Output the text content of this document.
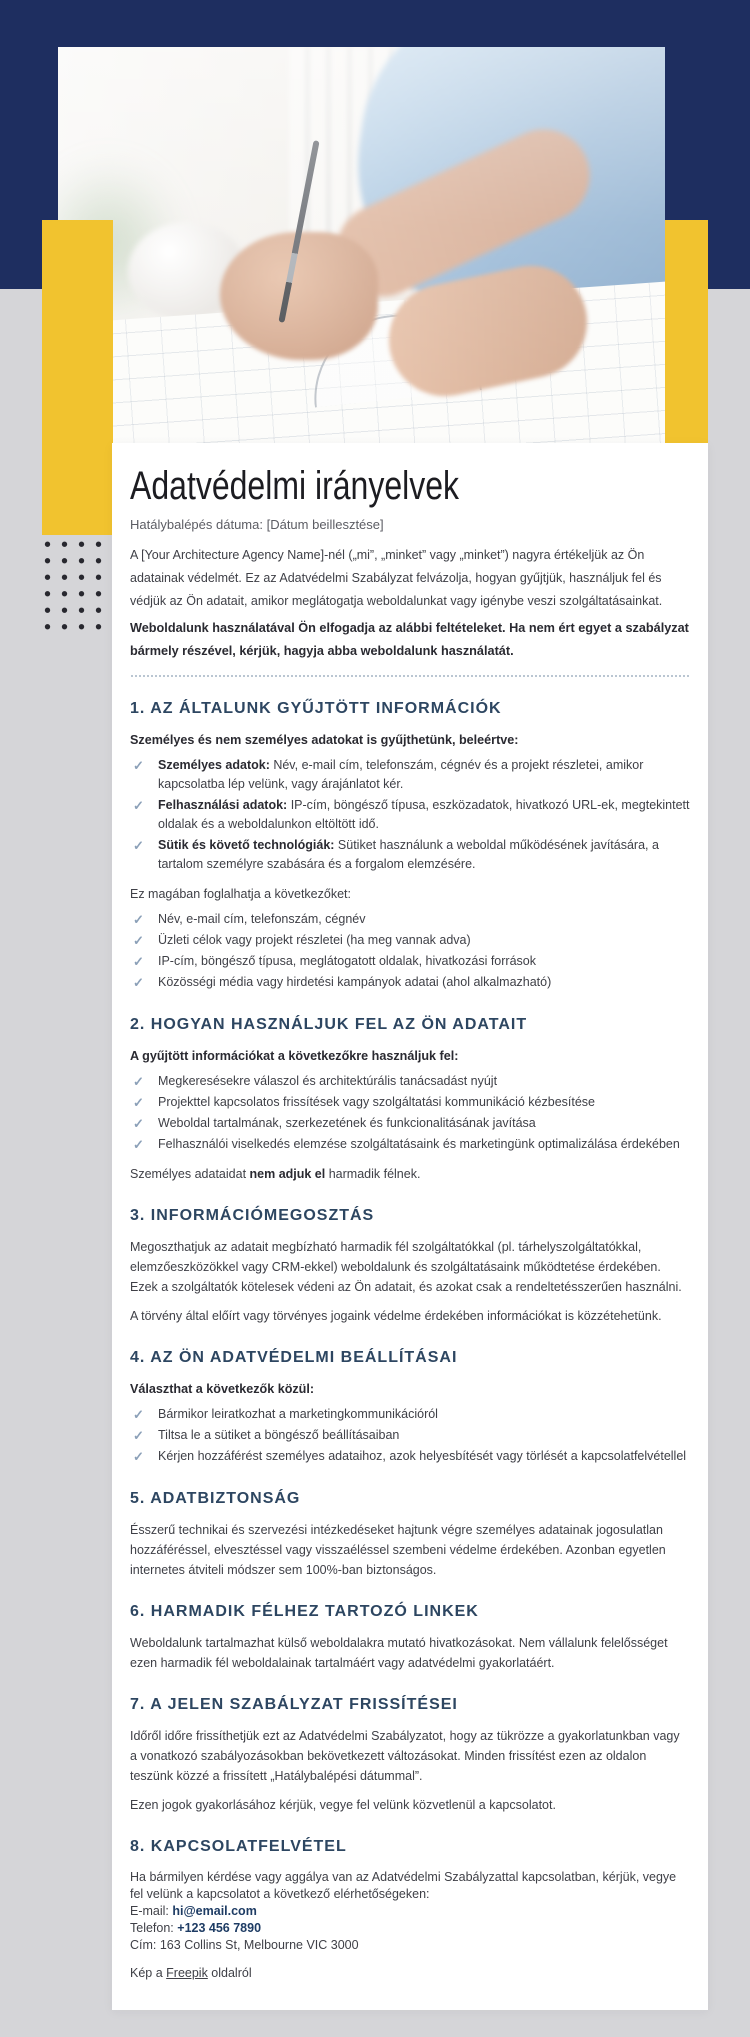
Adatvédelmi irányelvek

Hatálybalépés dátuma: [Dátum beillesztése]

A [Your Architecture Agency Name]-nél („mi”, „minket” vagy „minket”) nagyra értékeljük az Ön adatainak védelmét. Ez az Adatvédelmi Szabályzat felvázolja, hogyan gyűjtjük, használjuk fel és védjük az Ön adatait, amikor meglátogatja weboldalunkat vagy igénybe veszi szolgáltatásainkat.

Weboldalunk használatával Ön elfogadja az alábbi feltételeket. Ha nem ért egyet a szabályzat bármely részével, kérjük, hagyja abba weboldalunk használatát.

1. AZ ÁLTALUNK GYŰJTÖTT INFORMÁCIÓK

Személyes és nem személyes adatokat is gyűjthetünk, beleértve:

✓ Személyes adatok: Név, e-mail cím, telefonszám, cégnév és a projekt részletei, amikor kapcsolatba lép velünk, vagy árajánlatot kér.
✓ Felhasználási adatok: IP-cím, böngésző típusa, eszközadatok, hivatkozó URL-ek, megtekintett oldalak és a weboldalunkon eltöltött idő.
✓ Sütik és követő technológiák: Sütiket használunk a weboldal működésének javítására, a tartalom személyre szabására és a forgalom elemzésére.

Ez magában foglalhatja a következőket:

✓ Név, e-mail cím, telefonszám, cégnév
✓ Üzleti célok vagy projekt részletei (ha meg vannak adva)
✓ IP-cím, böngésző típusa, meglátogatott oldalak, hivatkozási források
✓ Közösségi média vagy hirdetési kampányok adatai (ahol alkalmazható)
2. HOGYAN HASZNÁLJUK FEL AZ ÖN ADATAIT

A gyűjtött információkat a következőkre használjuk fel:

✓ Megkeresésekre válaszol és architektúrális tanácsadást nyújt
✓ Projekttel kapcsolatos frissítések vagy szolgáltatási kommunikáció kézbesítése
✓ Weboldal tartalmának, szerkezetének és funkcionalitásának javítása
✓ Felhasználói viselkedés elemzése szolgáltatásaink és marketingünk optimalizálása érdekében

Személyes adataidat nem adjuk el harmadik félnek.

3. INFORMÁCIÓMEGOSZTÁS

Megoszthatjuk az adatait megbízható harmadik fél szolgáltatókkal (pl. tárhelyszolgáltatókkal, elemzőeszközökkel vagy CRM-ekkel) weboldalunk és szolgáltatásaink működtetése érdekében. Ezek a szolgáltatók kötelesek védeni az Ön adatait, és azokat csak a rendeltetésszerűen használni.

A törvény által előírt vagy törvényes jogaink védelme érdekében információkat is közzétehetünk.

4. AZ ÖN ADATVÉDELMI BEÁLLÍTÁSAI

Választhat a következők közül:

✓ Bármikor leiratkozhat a marketingkommunikációról
✓ Tiltsa le a sütiket a böngésző beállításaiban
✓ Kérjen hozzáférést személyes adataihoz, azok helyesbítését vagy törlését a kapcsolatfelvétellel
5. ADATBIZTONSÁG

Ésszerű technikai és szervezési intézkedéseket hajtunk végre személyes adatainak jogosulatlan hozzáféréssel, elvesztéssel vagy visszaéléssel szembeni védelme érdekében. Azonban egyetlen internetes átviteli módszer sem 100%-ban biztonságos.

6. HARMADIK FÉLHEZ TARTOZÓ LINKEK

Weboldalunk tartalmazhat külső weboldalakra mutató hivatkozásokat. Nem vállalunk felelősséget ezen harmadik fél weboldalainak tartalmáért vagy adatvédelmi gyakorlatáért.

7. A JELEN SZABÁLYZAT FRISSÍTÉSEI

Időről időre frissíthetjük ezt az Adatvédelmi Szabályzatot, hogy az tükrözze a gyakorlatunkban vagy a vonatkozó szabályozásokban bekövetkezett változásokat. Minden frissítést ezen az oldalon teszünk közzé a frissített „Hatálybalépési dátummal”.

Ezen jogok gyakorlásához kérjük, vegye fel velünk közvetlenül a kapcsolatot.

8. KAPCSOLATFELVÉTEL

Ha bármilyen kérdése vagy aggálya van az Adatvédelmi Szabályzattal kapcsolatban, kérjük, vegye fel velünk a kapcsolatot a következő elérhetőségeken:

E-mail: hi@email.com

Telefon: +123 456 7890

Cím: 163 Collins St, Melbourne VIC 3000

Kép a Freepik oldalról
